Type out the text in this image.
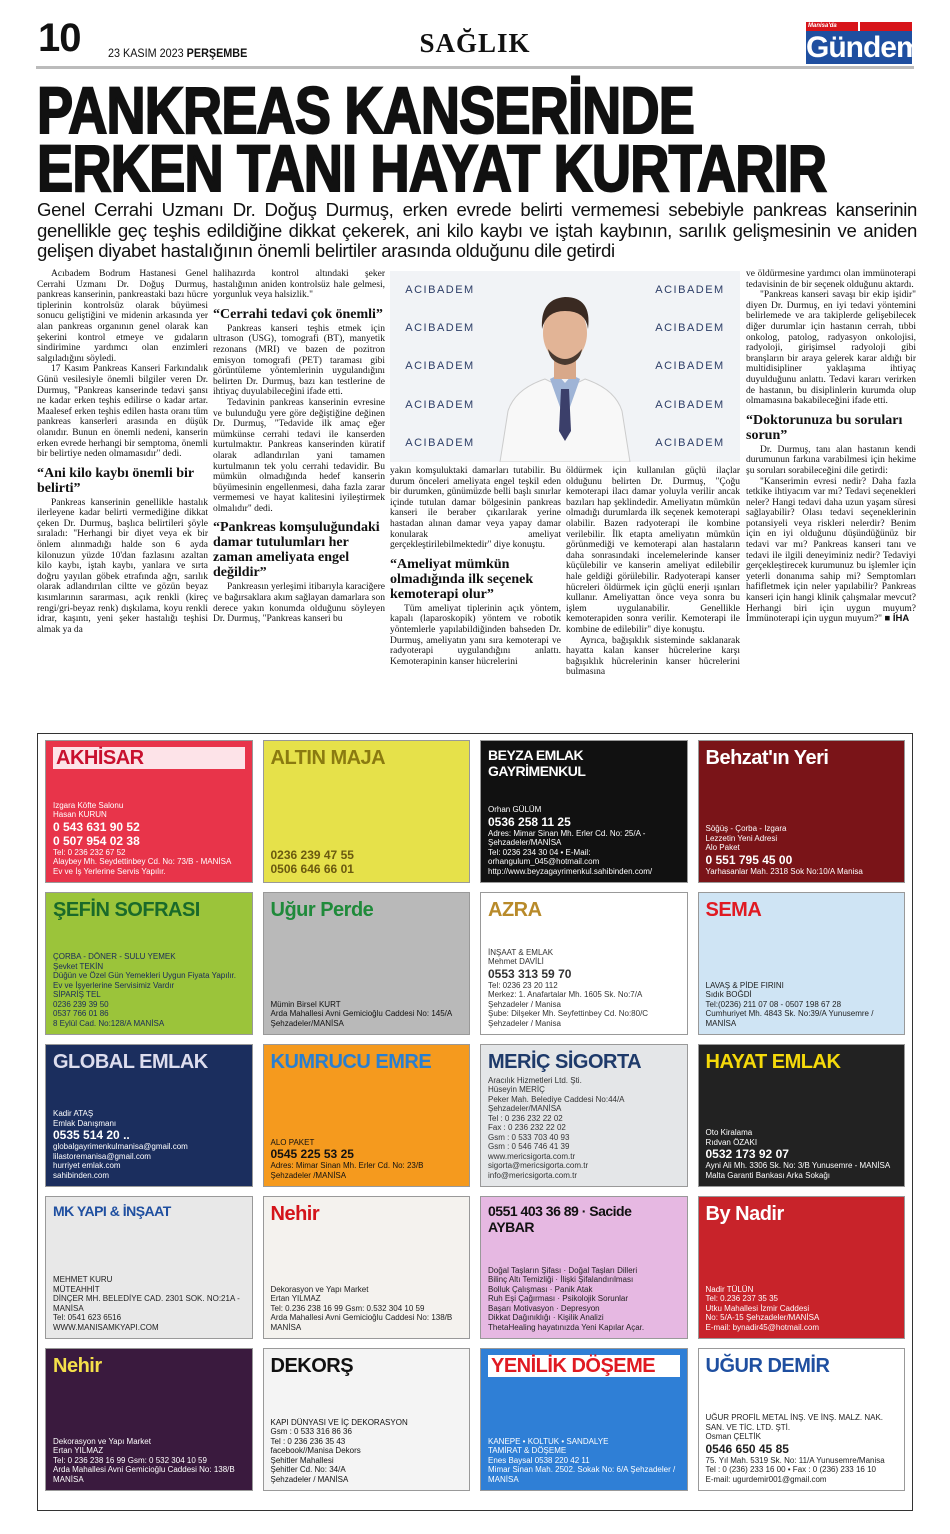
10 23 KASIM 2023 PERŞEMBE	SAĞLIK
Manisa'da
Gündem
PANKREAS KANSERİNDE
ERKEN TANI HAYAT KURTARIR
Genel Cerrahi Uzmanı Dr. Doğuş Durmuş, erken evrede belirti vermemesi sebebiyle pankreas kanserinin genellikle geç teşhis edildiğine dikkat çekerek, ani kilo kaybı ve iştah kaybının, sarılık gelişmesinin ve aniden gelişen diyabet hastalığının önemli belirtiler arasında olduğunu dile getirdi
ACIBADEM
ACIBADEM
ACIBADEM
ACIBADEM
ACIBADEM
ACIBADEM
ACIBADEM
ACIBADEM
ACIBADEM
ACIBADEM

Acıbadem Bodrum Hastanesi Genel Cerrahi Uzmanı Dr. Doğuş Durmuş, pankreas kanserinin, pankreastaki bazı hücre tiplerinin kontrolsüz olarak büyümesi sonucu geliştiğini ve midenin arkasında yer alan pankreas organının genel olarak kan şekerini kontrol etmeye ve gıdaların sindirimine yardımcı olan enzimleri salgıladığını söyledi.

17 Kasım Pankreas Kanseri Farkındalık Günü vesilesiyle önemli bilgiler veren Dr. Durmuş, "Pankreas kanserinde tedavi şansı ne kadar erken teşhis edilirse o kadar artar. Maalesef erken teşhis edilen hasta oranı tüm pankreas kanserleri arasında en düşük olanıdır. Bunun en önemli nedeni, kanserin erken evrede herhangi bir semptoma, önemli bir belirtiye neden olmamasıdır" dedi.

“Ani kilo kaybı önemli bir belirti”

Pankreas kanserinin genellikle hastalık ilerleyene kadar belirti vermediğine dikkat çeken Dr. Durmuş, başlıca belirtileri şöyle sıraladı: "Herhangi bir diyet veya ek bir önlem alınmadığı halde son 6 ayda kilonuzun yüzde 10'dan fazlasını azaltan kilo kaybı, iştah kaybı, yanlara ve sırta doğru yayılan göbek etrafında ağrı, sarılık olarak adlandırılan ciltte ve gözün beyaz kısımlarının sararması, açık renkli (kireç rengi/gri-beyaz renk) dışkılama, koyu renkli idrar, kaşıntı, yeni şeker hastalığı teşhisi almak ya da

halihazırda kontrol altındaki şeker hastalığının aniden kontrolsüz hale gelmesi, yorgunluk veya halsizlik."

“Cerrahi tedavi çok önemli”

Pankreas kanseri teşhis etmek için ultrason (USG), tomografi (BT), manyetik rezonans (MRI) ve bazen de pozitron emisyon tomografi (PET) taraması gibi görüntüleme yöntemlerinin uygulandığını belirten Dr. Durmuş, bazı kan testlerine de ihtiyaç duyulabileceğini ifade etti.

Tedavinin pankreas kanserinin evresine ve bulunduğu yere göre değiştiğine değinen Dr. Durmuş, "Tedavide ilk amaç eğer mümkünse cerrahi tedavi ile kanserden kurtulmaktır. Pankreas kanserinden küratif olarak adlandırılan yani tamamen kurtulmanın tek yolu cerrahi tedavidir. Bu mümkün olmadığında hedef kanserin büyümesinin engellenmesi, daha fazla zarar vermemesi ve hayat kalitesini iyileştirmek olmalıdır" dedi.

“Pankreas komşuluğundaki damar tutulumları her zaman ameliyata engel değildir”

Pankreasın yerleşimi itibarıyla karaciğere ve bağırsaklara akım sağlayan damarlara son derece yakın konumda olduğunu söyleyen Dr. Durmuş, "Pankreas kanseri bu

yakın komşuluktaki damarları tutabilir. Bu durum önceleri ameliyata engel teşkil eden bir durumken, günümüzde belli başlı sınırlar içinde tutulan damar bölgesinin pankreas kanseri ile beraber çıkarılarak yerine hastadan alınan damar veya yapay damar konularak ameliyat gerçekleştirilebilmektedir" diye konuştu.

“Ameliyat mümkün olmadığında ilk seçenek kemoterapi olur”

Tüm ameliyat tiplerinin açık yöntem, kapalı (laparoskopik) yöntem ve robotik yöntemlerle yapılabildiğinden bahseden Dr. Durmuş, ameliyatın yanı sıra kemoterapi ve radyoterapi uygulandığını anlattı. Kemoterapinin kanser hücrelerini

öldürmek için kullanılan güçlü ilaçlar olduğunu belirten Dr. Durmuş, "Çoğu kemoterapi ilacı damar yoluyla verilir ancak bazıları hap şeklindedir. Ameliyatın mümkün olmadığı durumlarda ilk seçenek kemoterapi olabilir. Bazen radyoterapi ile kombine verilebilir. İlk etapta ameliyatın mümkün görünmediği ve kemoterapi alan hastaların daha sonrasındaki incelemelerinde kanser küçülebilir ve kanserin ameliyat edilebilir hale geldiği görülebilir. Radyoterapi kanser hücreleri öldürmek için güçlü enerji ışınları kullanır. Ameliyattan önce veya sonra bu işlem uygulanabilir. Genellikle kemoterapiden sonra verilir. Kemoterapi ile kombine de edilebilir" diye konuştu.

Ayrıca, bağışıklık sisteminde saklanarak hayatta kalan kanser hücrelerine karşı bağışıklık hücrelerinin kanser hücrelerini bulmasına

ve öldürmesine yardımcı olan immünoterapi tedavisinin de bir seçenek olduğunu aktardı.

"Pankreas kanseri savaşı bir ekip işidir" diyen Dr. Durmuş, en iyi tedavi yöntemini belirlemede ve ara takiplerde gelişebilecek diğer durumlar için hastanın cerrah, tıbbi onkolog, patolog, radyasyon onkolojisi, radyoloji, girişimsel radyoloji gibi branşların bir araya gelerek karar aldığı bir multidisipliner yaklaşıma ihtiyaç duyulduğunu anlattı. Tedavi kararı verirken de hastanın, bu disiplinlerin kurumda olup olmamasına bakabileceğini ifade etti.

“Doktorunuza bu soruları sorun”

Dr. Durmuş, tanı alan hastanın kendi durumunun farkına varabilmesi için hekime şu soruları sorabileceğini dile getirdi:

"Kanserimin evresi nedir? Daha fazla tetkike ihtiyacım var mı? Tedavi seçenekleri neler? Hangi tedavi daha uzun yaşam süresi sağlayabilir? Olası tedavi seçeneklerinin potansiyeli veya riskleri nelerdir? Benim için en iyi olduğunu düşündüğünüz bir tedavi var mı? Pankreas kanseri tanı ve tedavi ile ilgili deneyiminiz nedir? Tedaviyi gerçekleştirecek kurumunuz bu işlemler için yeterli donanıma sahip mi? Semptomları hafifletmek için neler yapılabilir? Pankreas kanseri için hangi klinik çalışmalar mevcut? Herhangi biri için uygun muyum? İmmünoterapi için uygun muyum?" ■ İHA

AKHİSAR
Izgara Köfte Salonu
Hasan KURUN
0 543 631 90 52
0 507 954 02 38
Tel: 0 236 232 67 52
Alaybey Mh. Seydettinbey Cd. No: 73/B - MANİSA
Ev ve İş Yerlerine Servis Yapılır.
ALTIN MAJA
0236 239 47 55
0506 646 66 01
BEYZA EMLAK GAYRİMENKUL
Orhan GÜLÜM
0536 258 11 25
Adres: Mimar Sinan Mh. Erler Cd. No: 25/A - Şehzadeler/MANİSA
Tel: 0236 234 30 04 • E-Mail: orhangulum_045@hotmail.com
http://www.beyzagayrimenkul.sahibinden.com/
Behzat'ın Yeri
Söğüş - Çorba - Izgara
Lezzetin Yeni Adresi
Alo Paket
0 551 795 45 00
Yarhasanlar Mah. 2318 Sok No:10/A Manisa
ŞEFİN SOFRASI
ÇORBA - DÖNER - SULU YEMEK
Şevket TEKİN
Düğün ve Özel Gün Yemekleri Uygun Fiyata Yapılır.
Ev ve İşyerlerine Servisimiz Vardır
SİPARİŞ TEL
0236 239 39 50
0537 766 01 86
8 Eylül Cad. No:128/A MANİSA
Uğur Perde
Mümin Birsel KURT
Arda Mahallesi Avni Gemicioğlu Caddesi No: 145/A
Şehzadeler/MANİSA
AZRA
İNŞAAT & EMLAK
Mehmet DAVİLİ
0553 313 59 70
Tel: 0236 23 20 112
Merkez: 1. Anafartalar Mh. 1605 Sk. No:7/A Şehzadeler / Manisa
Şube: Dilşeker Mh. Seyfettinbey Cd. No:80/C Şehzadeler / Manisa
SEMA
LAVAŞ & PİDE FIRINI
Sıdık BOĞDİ
Tel:(0236) 211 07 08 - 0507 198 67 28
Cumhuriyet Mh. 4843 Sk. No:39/A Yunusemre / MANİSA
GLOBAL EMLAK
Kadir ATAŞ
Emlak Danışmanı
0535 514 20 ..
globalgayrimenkulmanisa@gmail.com
lilastoremanisa@gmail.com
hurriyet emlak.com
sahibinden.com
KUMRUCU EMRE
ALO PAKET
0545 225 53 25
Adres: Mimar Sinan Mh. Erler Cd. No: 23/B
Şehzadeler /MANİSA
MERİÇ SİGORTA
Aracılık Hizmetleri Ltd. Şti.
Hüseyin MERİÇ
Peker Mah. Belediye Caddesi No:44/A Şehzadeler/MANİSA
Tel : 0 236 232 22 02
Fax : 0 236 232 22 02
Gsm : 0 533 703 40 93
Gsm : 0 546 746 41 39
www.mericsigorta.com.tr
sigorta@mericsigorta.com.tr
info@mericsigorta.com.tr
HAYAT EMLAK
Oto Kiralama
Rıdvan ÖZAKI
0532 173 92 07
Ayni Ali Mh. 3306 Sk. No: 3/B Yunusemre - MANİSA
Malta Garanti Bankası Arka Sokağı
MK YAPI & İNŞAAT
MEHMET KURU
MÜTEAHHİT
DİNÇER MH. BELEDİYE CAD. 2301 SOK. NO:21A - MANİSA
Tel: 0541 623 6516
WWW.MANISAMKYAPI.COM
Nehir
Dekorasyon ve Yapı Market
Ertan YILMAZ
Tel: 0.236 238 16 99 Gsm: 0.532 304 10 59
Arda Mahallesi Avni Gemicioğlu Caddesi No: 138/B MANİSA
0551 403 36 89 · Sacide AYBAR
Doğal Taşların Şifası · Doğal Taşları Dilleri
Bilinç Altı Temizliği · İlişki Şifalandırılması
Bolluk Çalışması · Panik Atak
Ruh Eşi Çağırması · Psikolojik Sorunlar
Başarı Motivasyon · Depresyon
Dikkat Dağınıklığı · Kişilik Analizi
ThetaHealing hayatınızda Yeni Kapılar Açar.
By Nadir
Nadir TÜLÜN
Tel: 0.236 237 35 35
Utku Mahallesi İzmir Caddesi
No: 5/A-15 Şehzadeler/MANİSA
E-mail: bynadir45@hotmail.com
Nehir
Dekorasyon ve Yapı Market
Ertan YILMAZ
Tel: 0 236 238 16 99 Gsm: 0 532 304 10 59
Arda Mahallesi Avni Gemicioğlu Caddesi No: 138/B MANİSA
DEKORŞ
KAPI DÜNYASI VE İÇ DEKORASYON
Gsm : 0 533 316 86 36
Tel : 0 236 236 35 43
facebook//Manisa Dekors
Şehitler Mahallesi
Şehitler Cd. No: 34/A
Şehzadeler / MANİSA
YENİLİK DÖŞEME
KANEPE • KOLTUK • SANDALYE
TAMİRAT & DÖŞEME
Enes Baysal 0538 220 42 11
Mimar Sinan Mah. 2502. Sokak No: 6/A Şehzadeler / MANİSA
UĞUR DEMİR
UĞUR PROFİL METAL İNŞ. VE İNŞ. MALZ. NAK. SAN. VE TİC. LTD. ŞTİ.
Osman ÇELTİK
0546 650 45 85
75. Yıl Mah. 5319 Sk. No: 11/A Yunusemre/Manisa
Tel : 0 (236) 233 16 00 • Fax : 0 (236) 233 16 10
E-mail: ugurdemir001@gmail.com
